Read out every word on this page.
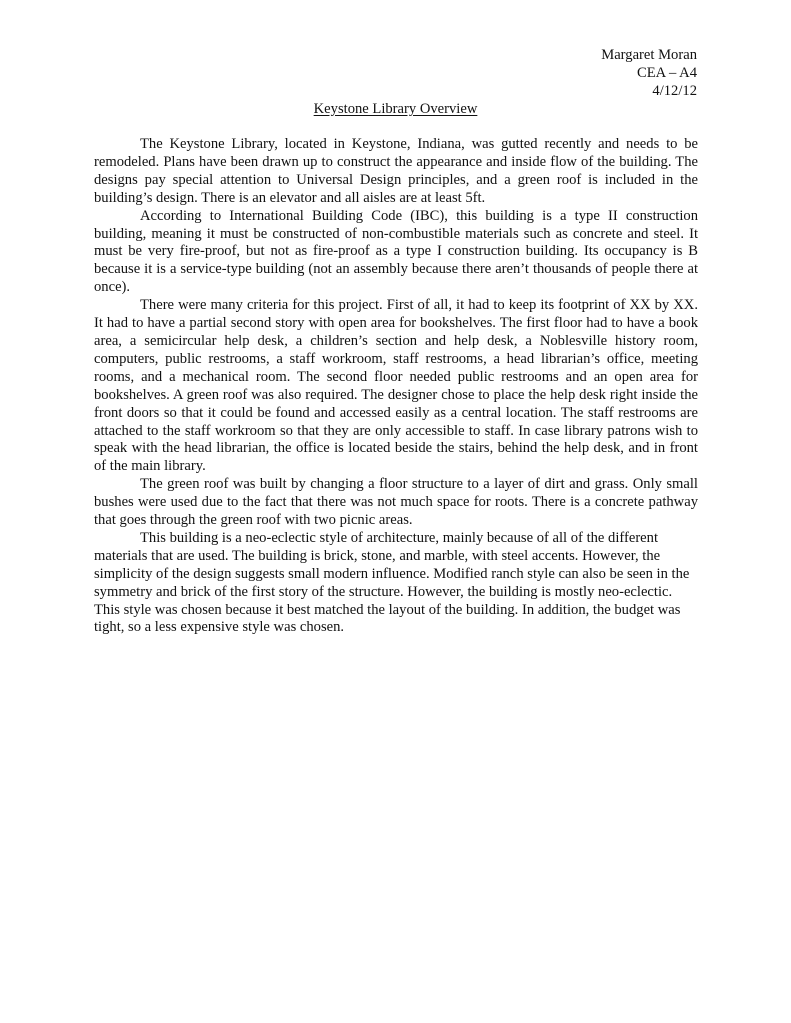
Margaret Moran
CEA – A4
4/12/12
Keystone Library Overview

The Keystone Library, located in Keystone, Indiana, was gutted recently and needs to be remodeled. Plans have been drawn up to construct the appearance and inside flow of the building. The designs pay special attention to Universal Design principles, and a green roof is included in the building’s design. There is an elevator and all aisles are at least 5ft.

According to International Building Code (IBC), this building is a type II construction building, meaning it must be constructed of non-combustible materials such as concrete and steel. It must be very fire-proof, but not as fire-proof as a type I construction building. Its occupancy is B because it is a service-type building (not an assembly because there aren’t thousands of people there at once).

There were many criteria for this project. First of all, it had to keep its footprint of XX by XX. It had to have a partial second story with open area for bookshelves. The first floor had to have a book area, a semicircular help desk, a children’s section and help desk, a Noblesville history room, computers, public restrooms, a staff workroom, staff restrooms, a head librarian’s office, meeting rooms, and a mechanical room. The second floor needed public restrooms and an open area for bookshelves. A green roof was also required. The designer chose to place the help desk right inside the front doors so that it could be found and accessed easily as a central location. The staff restrooms are attached to the staff workroom so that they are only accessible to staff. In case library patrons wish to speak with the head librarian, the office is located beside the stairs, behind the help desk, and in front of the main library.

The green roof was built by changing a floor structure to a layer of dirt and grass. Only small bushes were used due to the fact that there was not much space for roots. There is a concrete pathway that goes through the green roof with two picnic areas.

This building is a neo-eclectic style of architecture, mainly because of all of the different materials that are used. The building is brick, stone, and marble, with steel accents. However, the simplicity of the design suggests small modern influence. Modified ranch style can also be seen in the symmetry and brick of the first story of the structure. However, the building is mostly neo-eclectic. This style was chosen because it best matched the layout of the building. In addition, the budget was tight, so a less expensive style was chosen.
